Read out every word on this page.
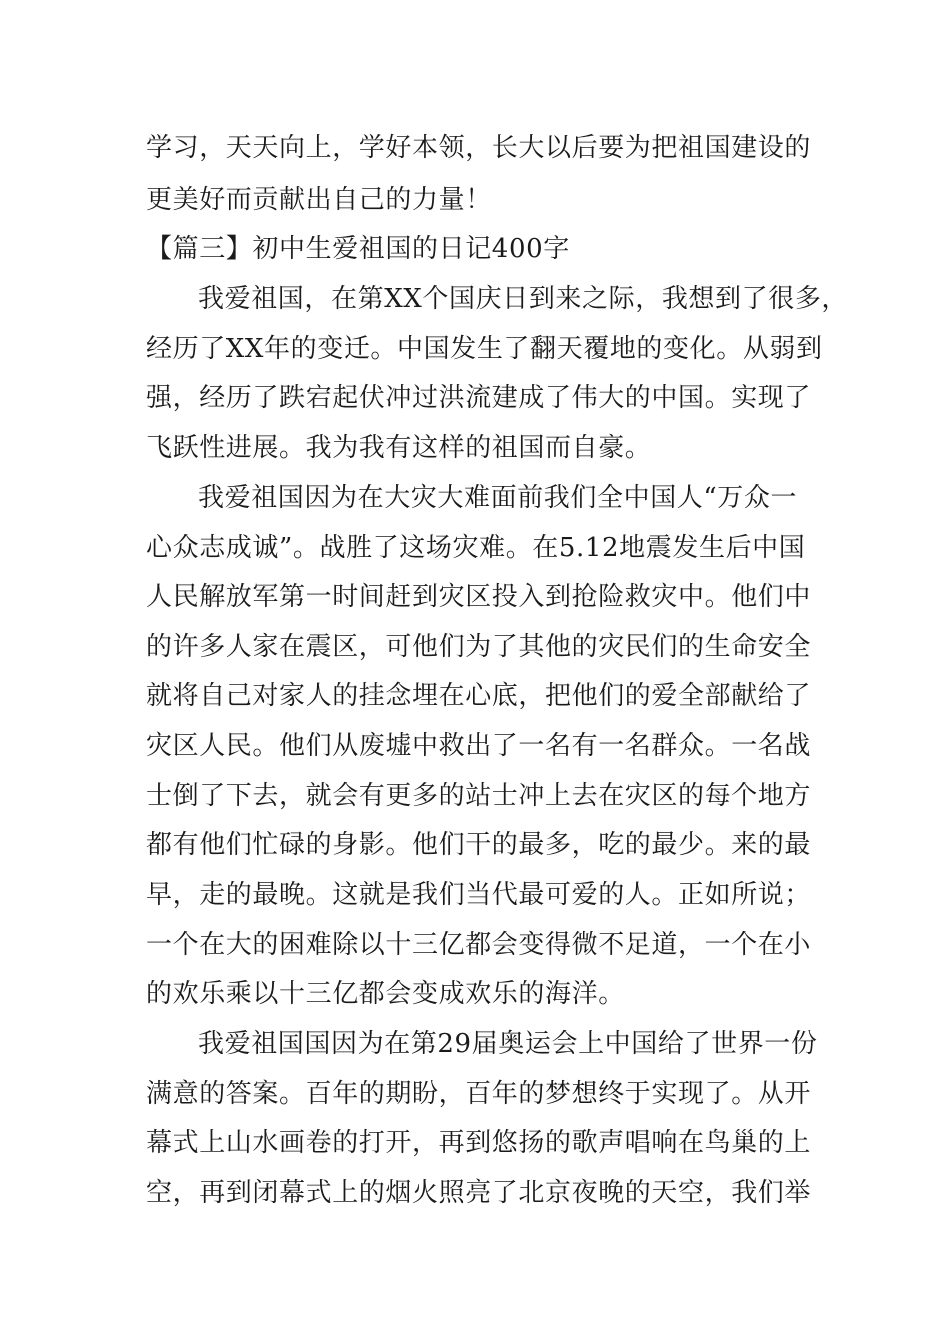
学习，天天向上，学好本领，长大以后要为把祖国建设的
更美好而贡献出自己的力量！
【篇三】初中生爱祖国的日记400字
我爱祖国，在第XX个国庆日到来之际，我想到了很多，
经历了XX年的变迁。中国发生了翻天覆地的变化。从弱到
强，经历了跌宕起伏冲过洪流建成了伟大的中国。实现了
飞跃性进展。我为我有这样的祖国而自豪。
我爱祖国因为在大灾大难面前我们全中国人“万众一
心众志成诚”。战胜了这场灾难。在5.12地震发生后中国
人民解放军第一时间赶到灾区投入到抢险救灾中。他们中
的许多人家在震区，可他们为了其他的灾民们的生命安全
就将自己对家人的挂念埋在心底，把他们的爱全部献给了
灾区人民。他们从废墟中救出了一名有一名群众。一名战
士倒了下去，就会有更多的站士冲上去在灾区的每个地方
都有他们忙碌的身影。他们干的最多，吃的最少。来的最
早，走的最晚。这就是我们当代最可爱的人。正如所说；
一个在大的困难除以十三亿都会变得微不足道，一个在小
的欢乐乘以十三亿都会变成欢乐的海洋。
我爱祖国国因为在第29届奥运会上中国给了世界一份
满意的答案。百年的期盼，百年的梦想终于实现了。从开
幕式上山水画卷的打开，再到悠扬的歌声唱响在鸟巢的上
空，再到闭幕式上的烟火照亮了北京夜晚的天空，我们举
